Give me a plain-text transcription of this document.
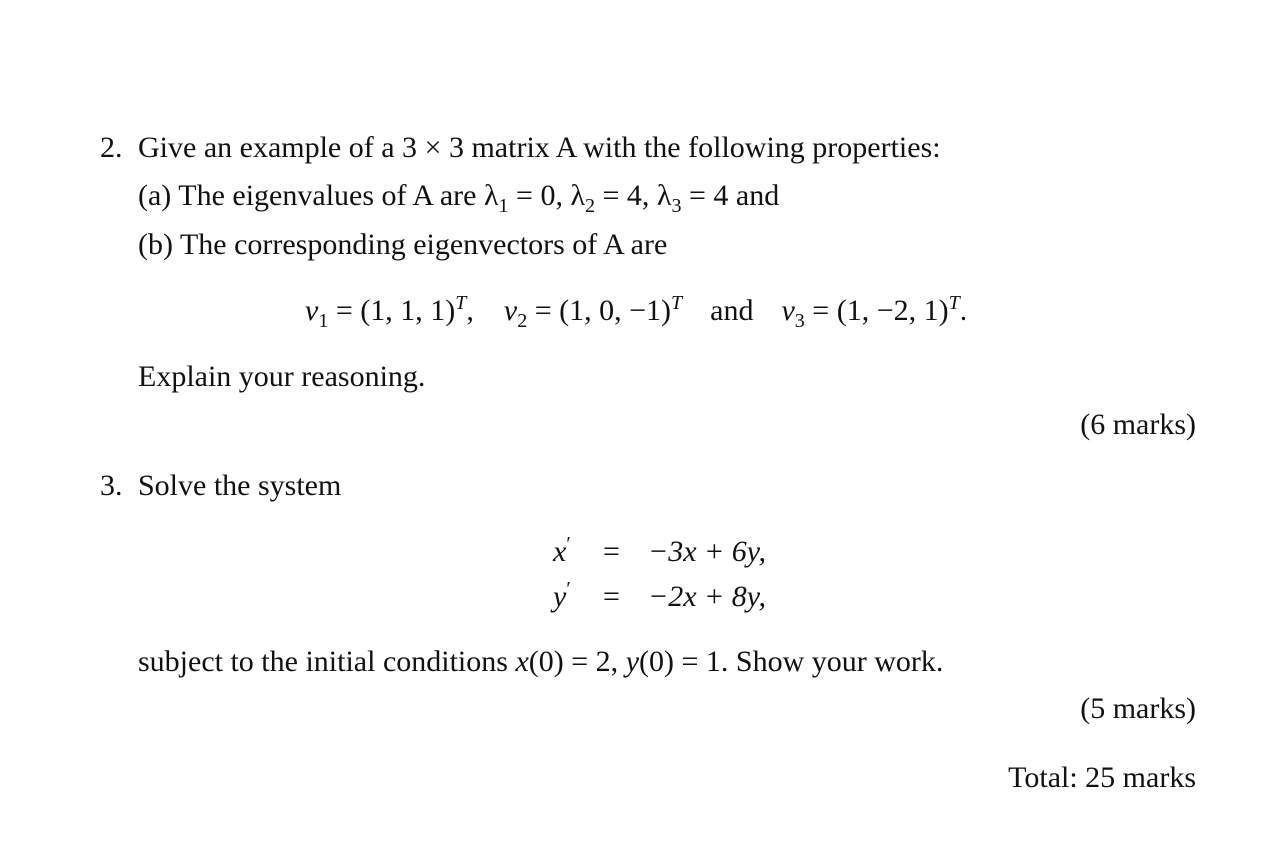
2. Give an example of a 3 × 3 matrix A with the following properties:
(a) The eigenvalues of A are $\lambda_1 = 0$, $\lambda_2 = 4$, $\lambda_3 = 4$ and
(b) The corresponding eigenvectors of A are
$v_1 = (1$, 1, 1)$^T$, $v_2 = (1$, 0, −1)$^T$ and $v_3 = (1$, −2, 1)$^T$.
Explain your reasoning.
(6 marks)
3. Solve the system
x′ = −3x + 6y,
y′ = −2x + 8y,
subject to the initial conditions x(0) = 2, y(0) = 1. Show your work.
(5 marks)
Total: 25 marks
